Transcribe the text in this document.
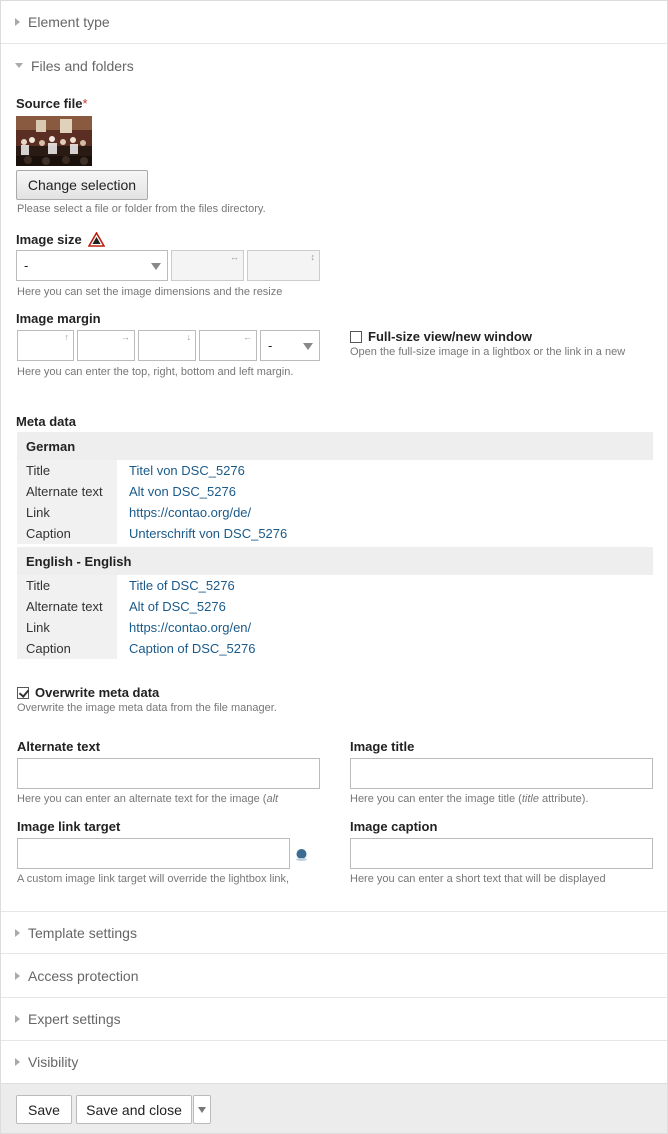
Element type
Files and folders
Source file*
Change selection
Please select a file or folder from the files directory.
Image size
-
↔	↕
Here you can set the image dimensions and the resize
Image margin
↑	→	↓	←
-
Here you can enter the top, right, bottom and left margin.
Full-size view/new window
Open the full-size image in a lightbox or the link in a new
Meta data
German
Title	Titel von DSC_5276
Alternate text	Alt von DSC_5276
Link	https://contao.org/de/
Caption	Unterschrift von DSC_5276
English - English
Title	Title of DSC_5276
Alternate text	Alt of DSC_5276
Link	https://contao.org/en/
Caption	Caption of DSC_5276
Overwrite meta data
Overwrite the image meta data from the file manager.
Alternate text
Here you can enter an alternate text for the image (alt
Image title
Here you can enter the image title (title attribute).
Image link target
A custom image link target will override the lightbox link,
Image caption
Here you can enter a short text that will be displayed
Template settings
Access protection
Expert settings
Visibility
Save	Save and close
